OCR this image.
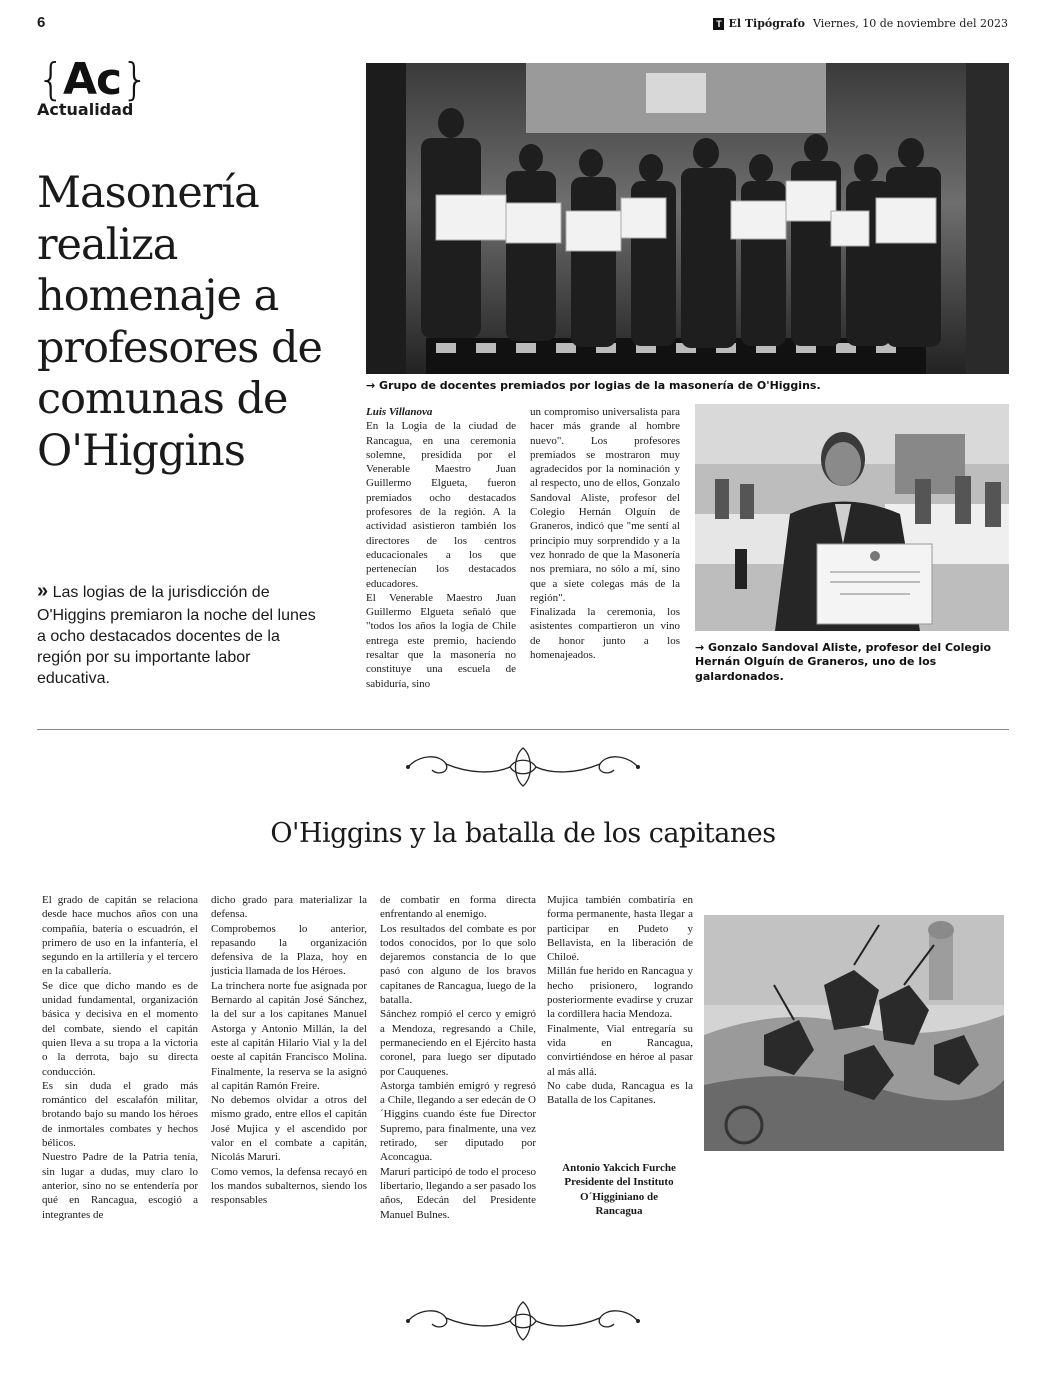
6	T El Tipógrafo Viernes, 10 de noviembre del 2023
{Ac}
Actualidad
Masonería realiza homenaje a profesores de comunas de O'Higgins
» Las logias de la jurisdicción de O'Higgins premiaron la noche del lunes a ocho destacados docentes de la región por su importante labor educativa.
→ Grupo de docentes premiados por logias de la masonería de O'Higgins.

Luis Villanova

En la Logia de la ciudad de Rancagua, en una ceremonia solemne, presidida por el Venerable Maestro Juan Guillermo Elgueta, fueron premiados ocho destacados profesores de la región. A la actividad asistieron también los directores de los centros educacionales a los que pertenecían los destacados educadores.

El Venerable Maestro Juan Guillermo Elgueta señaló que "todos los años la logia de Chile entrega este premio, haciendo resaltar que la masonería no constituye una escuela de sabiduría, sino

un compromiso universalista para hacer más grande al hombre nuevo". Los profesores premiados se mostraron muy agradecidos por la nominación y al respecto, uno de ellos, Gonzalo Sandoval Aliste, profesor del Colegio Hernán Olguín de Graneros, indicó que "me sentí al principio muy sorprendido y a la vez honrado de que la Masonería nos premiara, no sólo a mí, sino que a siete colegas más de la región".

Finalizada la ceremonia, los asistentes compartieron un vino de honor junto a los homenajeados.

→ Gonzalo Sandoval Aliste, profesor del Colegio Hernán Olguín de Graneros, uno de los galardonados.
O'Higgins y la batalla de los capitanes

El grado de capitán se relaciona desde hace muchos años con una compañía, batería o escuadrón, el primero de uso en la infantería, el segundo en la artillería y el tercero en la caballería.

Se dice que dicho mando es de unidad fundamental, organización básica y decisiva en el momento del combate, siendo el capitán quien lleva a su tropa a la victoria o la derrota, bajo su directa conducción.

Es sin duda el grado más romántico del escalafón militar, brotando bajo su mando los héroes de inmortales combates y hechos bélicos.

Nuestro Padre de la Patria tenía, sin lugar a dudas, muy claro lo anterior, sino no se entendería por qué en Rancagua, escogió a integrantes de

dicho grado para materializar la defensa.

Comprobemos lo anterior, repasando la organización defensiva de la Plaza, hoy en justicia llamada de los Héroes.

La trinchera norte fue asignada por Bernardo al capitán José Sánchez, la del sur a los capitanes Manuel Astorga y Antonio Millán, la del este al capitán Hilario Vial y la del oeste al capitán Francisco Molina. Finalmente, la reserva se la asignó al capitán Ramón Freire.

No debemos olvidar a otros del mismo grado, entre ellos el capitán José Mujica y el ascendido por valor en el combate a capitán, Nicolás Maruri.

Como vemos, la defensa recayó en los mandos subalternos, siendo los responsables

de combatir en forma directa enfrentando al enemigo.

Los resultados del combate es por todos conocidos, por lo que solo dejaremos constancia de lo que pasó con alguno de los bravos capitanes de Rancagua, luego de la batalla.

Sánchez rompió el cerco y emigró a Mendoza, regresando a Chile, permaneciendo en el Ejército hasta coronel, para luego ser diputado por Cauquenes.

Astorga también emigró y regresó a Chile, llegando a ser edecán de O´Higgins cuando éste fue Director Supremo, para finalmente, una vez retirado, ser diputado por Aconcagua.

Maruri participó de todo el proceso libertario, llegando a ser pasado los años, Edecán del Presidente Manuel Bulnes.

Mujica también combatiría en forma permanente, hasta llegar a participar en Pudeto y Bellavista, en la liberación de Chiloé.

Millán fue herido en Rancagua y hecho prisionero, logrando posteriormente evadirse y cruzar la cordillera hacia Mendoza.

Finalmente, Vial entregaría su vida en Rancagua, convirtiéndose en héroe al pasar al más allá.

No cabe duda, Rancagua es la Batalla de los Capitanes.

Antonio Yakcich Furche
Presidente del Instituto
O´Higginiano de
Rancagua
